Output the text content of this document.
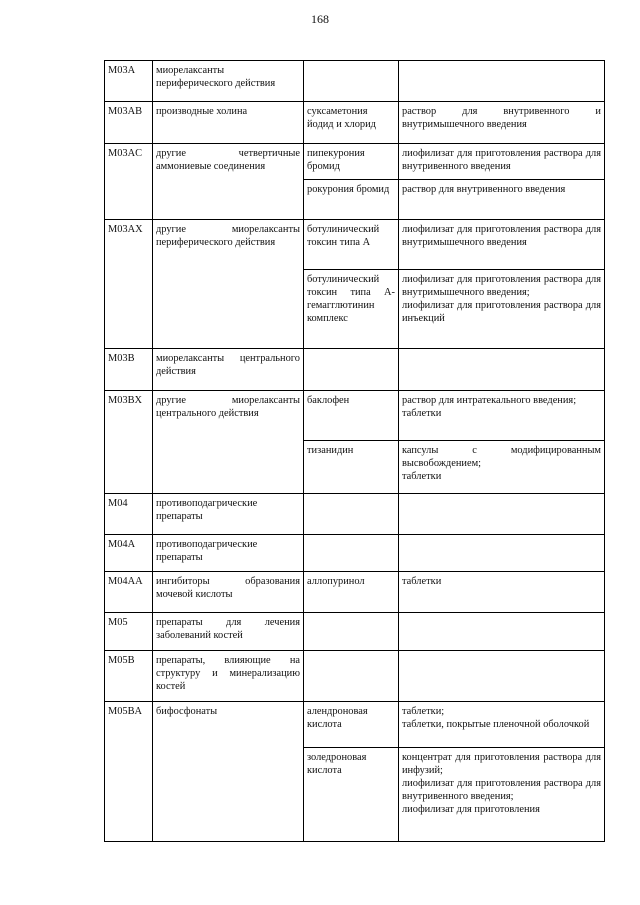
168
M03A	миорелаксанты периферического действия		

M03AB	производные холина	суксаметония йодид и хлорид	раствор для внутривенного и внутримышечного введения

M03AC	другие четвертичные аммониевые соединения	пипекурония бромид	лиофилизат для приготовления раствора для внутривенного введения

		рокурония бромид	раствор для внутривенного введения

M03AX	другие миорелаксанты периферического действия	ботулинический токсин типа А	лиофилизат для приготовления раствора для внутримышечного введения

		ботулинический токсин типа А-гемагглютинин комплекс	лиофилизат для приготовления раствора для внутримышечного введения;
лиофилизат для приготовления раствора для инъекций

M03B	миорелаксанты центрального действия		

M03BX	другие миорелаксанты центрального действия	баклофен	раствор для интратекального введения;
таблетки

		тизанидин	капсулы с модифицированным высвобождением;
таблетки

M04	противоподагрические препараты		

M04A	противоподагрические препараты		

M04AA	ингибиторы образования мочевой кислоты	аллопуринол	таблетки

M05	препараты для лечения заболеваний костей		

M05B	препараты, влияющие на структуру и минерализацию костей		

M05BA	бифосфонаты	алендроновая кислота	таблетки;
таблетки, покрытые пленочной оболочкой

		золедроновая кислота	концентрат для приготовления раствора для инфузий;
лиофилизат для приготовления раствора для внутривенного введения;
лиофилизат для приготовления
